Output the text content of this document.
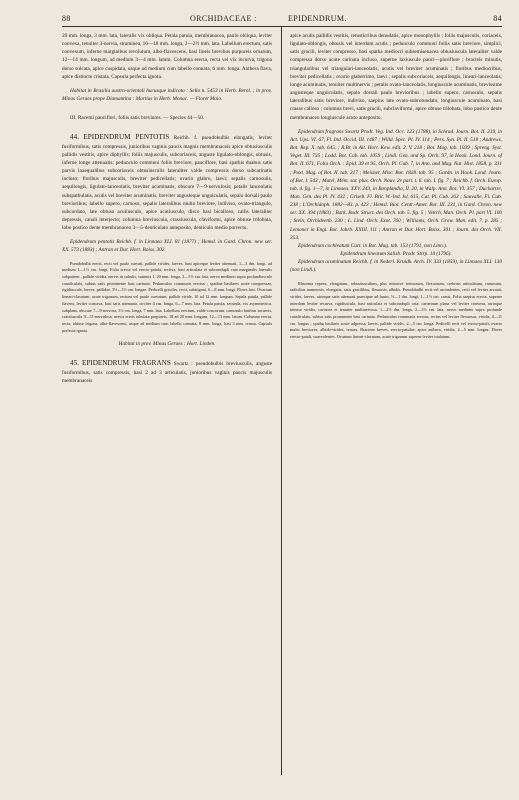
88	ORCHIDACEAE :	EPIDENDRUM.	84

20 mm. longa, 3 mm. lata, lateralis vix obliqua. Petala patula, membranacea, paulo obliqua, leviter convexa, tenuiter 3-nervia, straminea, 16—18 mm. longa, 2—2½ mm. lata. Labellum erectum, satis convexum, inferne marginibus revolutum, albo-flavescens, basi lineis brevibus purpureis ornatum, 12—14 mm. longum, ad medium 3—4 mm. latum. Columna erecta, recta vel vix incurva, trigona dorso sulcata, apice cuspidata, usque ad medium cum labello connata, 6 mm. longa. Anthera flava, apice distincte cristata. Capsula perfecta ignota.

Habitat in Brasilia austro-orientali hucusque indicata : Sello n. 5453 in Herb. Berol. ; in prov. Minas Geraes prope Diamantina : Martius in Herb. Monac. — Floret Maio.

III. Racemi pauciflori, foliis satis breviores. — Species 44—50.

44. EPIDENDRUM PENTOTIS Reichb. f. pseudobulbis elongatis, leviter fusiformibus, satis compressis, junioribus vaginis paucis magnis membranaceis apice obtusiusculis pallidis vestitis, apice diphyllis; foliis majusculis, subcoriaceis, anguste ligulato-oblongis, obtusis, inferne longe attenuatis; pedunculo communi foliis breviore, pauciflore, basi spathis duabus satis parvis inaequalibus subcoriaceis obtusiusculis lateraliter valde compressis dorso subcarinatis incluso; floribus majusculis, breviter pedicellatis; ovario glabro, laevi; sepalis carnosulis, aequilongis, ligulato-lanceolatis, breviter acuminatis, obscure 7—9-nervulosis; petalis lanceolatis subspathulatis, acutis vel breviter acuminatis, breviter angusteque unguiculatis, sepalo dorsali paulo brevioribus; labello supero, carnoso, sepalis lateralibus multo breviore, indiviso, ovato-triangulo, subcordato, late obtuso acutiusculo, apice acutiusculo, disco basi bicalloso, callis lateraliter depressis, canali interjecto; columna breviuscula, crassiuscula, claviformi, apice obtuse trilobata, lobo postico dente membranaceo 3—5-denticulato anteposito, denticulo medio porrecto.

Epidendrum pentotis Reichb. f. in Linnaea XLI. 81 (1877) ; Hemsl. in Gard. Chron. new ser. XX. 573 (1883) ; Antran et Dur. Hort. Boiss. 302.

Pseudobulbi erecti, recti vel paulo curvati, pallide virides, laeves, basi apiceque leviter attenuati, 1—3 dm. longi, ad medium 1—1½ cm. longi. Folia erecta vel erecto-patula, rectiva, basi articulata et subcondupli cata marginalis lateralis subpattern , pallide viridia, nervis in subulis, summis 1, 20 mm. longa, 3—5½ cm. lata, nervo medinno supra profundiuscule canaliculato, subtus satis prominente basi carinato. Pedunculus communis erectus ; spathae basilares acute compressae, rigidiuscule, laeves, pallidae, 3½—3½ cm. longae. Pedicelli graciles, recti, subtrigoni, 6—8 mm. longi. Flores laxi. Ovarium lineari-clavatum, acute trigonum, rectum vel paulo curvatum, pallide viride, 10 ad 12 mm. longum. Sepala patula, pallide flavens, leviter concava, basi satis attenuata, circiter 4 cm. longa, 6—7 mm. lata. Petala patula, secunda, vix asymmetrica, subplana, obscure 7—9-nervosa, 3½ cm. longa, 7 mm. lata. Labellum erectum, valde concavum, carnosulo basibus incurvis, crassiuscula 9—11-nervulosa, nervis eretis tubulata purpureis, 18 ad 20 mm. longum, 12—13 mm. latum. Columna erecta, recta, obtuse trigona, albo-flavescens, usque ad medium cum labello connata, 8 mm. longa, basi 3 mm. crassa. Capsula perfecta ignota.

Habitat in prov. Minas Geraes : Hort. Linden.

45. EPIDENDRUM FRAGRANS Swartz : pseudobulbis breviusculis, anguste fusiformibus, satis compressis, basi 2 ad 3 articulatis, junioribus vaginis paucis majusculis membranaceis

apice acutis pallidis vestitis, retusticribus denudatis, apice monophyllis ; foliis majusculis, coriaceis, ligulato-oblongis, obtusis vel interdum acutis ; pedunculo communi foliis satis breviore, simplici, satis gracili, leviter compresso, basi spatha mediocri subsemisenacea obtusiuscula lateraliter valde compressa dorso acute carinata incluso, superne laxiuscule pauci—pluriflore ; bracteis minutis, triangularibus vel triangulari-lanceolatis, acutis vel breviter acuminatis ; floribus mediocribus, breviter pedicellatis ; ovario glaberrimo, laevi ; sepalis subcoriaceis, aequilongis, lineari-lanceolatis, longe acuminatis, tenuiter multinervis ; petalis ovato-lanceolatis, longiuscule acuminatis, brevissime angusteque unguiculatis, sepalo dorsali paulo brevioribus ; labello supero, carnosulo, sepalis lateralibus satis breviore, indiviso, saepius late ovato-subrotundato, longiuscule acuminato, basi crasse calloso ; columna brevi, satis gracili, subclaviformi, apice obtuse trilobata, lobo postico dente membranaceo longiuscule acuto anteposito.

Epidendrum fragrans Swartz Prodr. Veg. Ind. Occ. 123 (1788), in Schrad. Journ. Bot. II. 219, in Act. Ups. VI. 67, Fl. Ind. Occid. III. 1487 ; Willd. Spec. Pl. IV. 114 ; Pers. Syn. Pl. II. 518 ; Andrews, Bot. Rep. X. tab. 645. ; R.Br. in Ait. Hort. Kew. edit. 2. V. 218 ; Bot. Mag. tab. 1039 ; Spreng. Syst. Veget. III. 735 ; Lodd. Bot. Cab. tab. 1059 ; Lindl. Gen. and Sp. Orch. 97, in Hook. Lond. Journ. of Bot. II. 671, Folia Orch. : Epid. 39 et 95, Orch. Pl. Cub. 7, in Ann. and Mag. Nat. Hist. 1858. p. 331 ; Paxt. Mag. of Bot. II. tab. 317 ; Meisner, Misc. Bot. 1828. tab. 95 ; Gardn. in Hook. Lond. Journ. of Bot. I. 543 ; Mutel, Mém. sur. plus. Orch. Nouv. 2e part. t. 6. tab. I. fig. 7 ; Reichb. f. Orch. Europ. tab. 4. fig. 1—7, in Linnaea. XXV. 243, in Bonplandia, II. 20, in Walp. Ann. Bot. VI. 357 ; Duchartre, Man. Gén. des Pl. IV. 432 ; Griseb. Fl. Brit. W.-Ind. Isl. 615, Cat. Pl. Cub. 263 ; Sauvalle, Fl. Cub. 238 ; L'Orchidoph. 1882—83. p. 423 ; Hemsl. Biol. Centr.-Amer. Bot. III. 231, in Gard. Chron. new ser. XX. 394 (1883) ; Bark. Bodr. Struct. des Orch. tab. 5. fig. 5 ; Veitch, Man. Orch. Pl. part VI. 100 ; Stein, Orchideenb. 230 ; L. Lind. Orch. Exot. 760 ; Williams, Orch. Grow. Man. edit. 7. p. 285 ; Lemoner in Engl. Bot. Jahrb. XXIII. 111 ; Antran et Dur. Hort. Boiss. 301 ; Journ. des Orch. VII. 353.

Epidendrum cochleatum Curt. in Bot. Mag. tab. 153 (1791, non Linn.).

Epidendrum lineatum Salisb. Prodr. Stirp. 10 (1796).

Epidendrum acuminatum Reichb. f. in Nederl. Kruidk. Arch. IV. 333 (1859), in Linnaea XLI. 130 (non Lindl.).

Rhizoma repens, elongatum, robustiusculum, plus minusve tortuosum, flexuosum, crebrius articulatum, ramosum, radicibus numerosis, elongatis, satis gracilibus, flexuosis, albidis. Pseudobulbi recti vel ascendentes, recti vel leviter arcuati, virides, laeves, utrinque satis attenuati praecipue ad basin, ½—1 dm. longi, 1—1½ cm. crassi. Folia saepius erecta, superne interdum leviter recurva, rigidiuscula, basi articulata et subcondupli cata, carteroum plana vel leviter convexa, utrinque intense viridia, cariacea et tenuiter multinervosa, 1—2½ dm. longa, 2—3½ cm. lata, nervo medinno supra profunde canaliculato, subtus satis prominente basi carinato. Pedunculus communis erectus, rectus vel leviter flexuosus, viridis, 4—11 cm. longus ; spatha basilaris acute adpressa, laevis, pallide viridis, 2—5 cm. longa. Pedicelli recti vel erecto-patuli, ovario multo breviores, albido-virides, tenues. Bracteae breves, erecto-patulae, apice anthera, viridia, 2—5 mm. longae. Flores erecto-patuli, suaveolentes. Ovarium lineari-clavatum, acute trigonum superne leviter trialatum,
